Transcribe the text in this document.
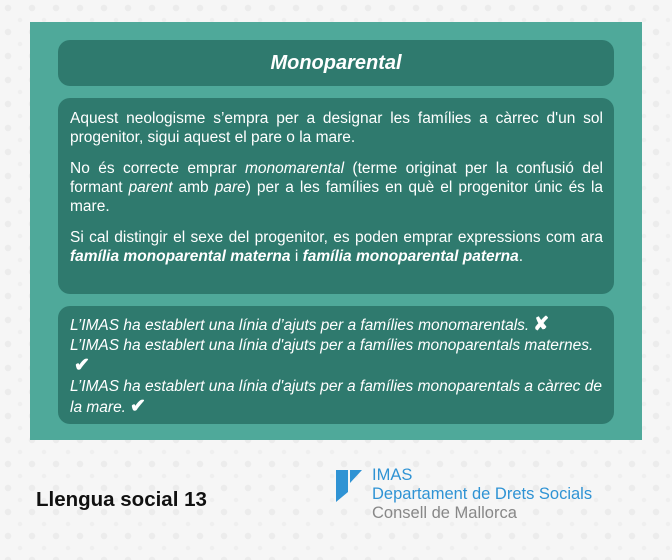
Monoparental

Aquest neologisme s’empra per a designar les famílies a càrrec d'un sol progenitor, sigui aquest el pare o la mare.

No és correcte emprar monomarental (terme originat per la confusió del formant parent amb pare) per a les famílies en què el progenitor únic és la mare.

Si cal distingir el sexe del progenitor, es poden emprar expressions com ara família monoparental materna i família monoparental paterna.

L’IMAS ha establert una línia d’ajuts per a famílies monomarentals. ✘

L’IMAS ha establert una línia d'ajuts per a famílies monoparentals maternes.✔

L’IMAS ha establert una línia d'ajuts per a famílies monoparentals a càrrec de la mare. ✔

Llengua social 13
IMAS
Departament de Drets Socials
Consell de Mallorca
